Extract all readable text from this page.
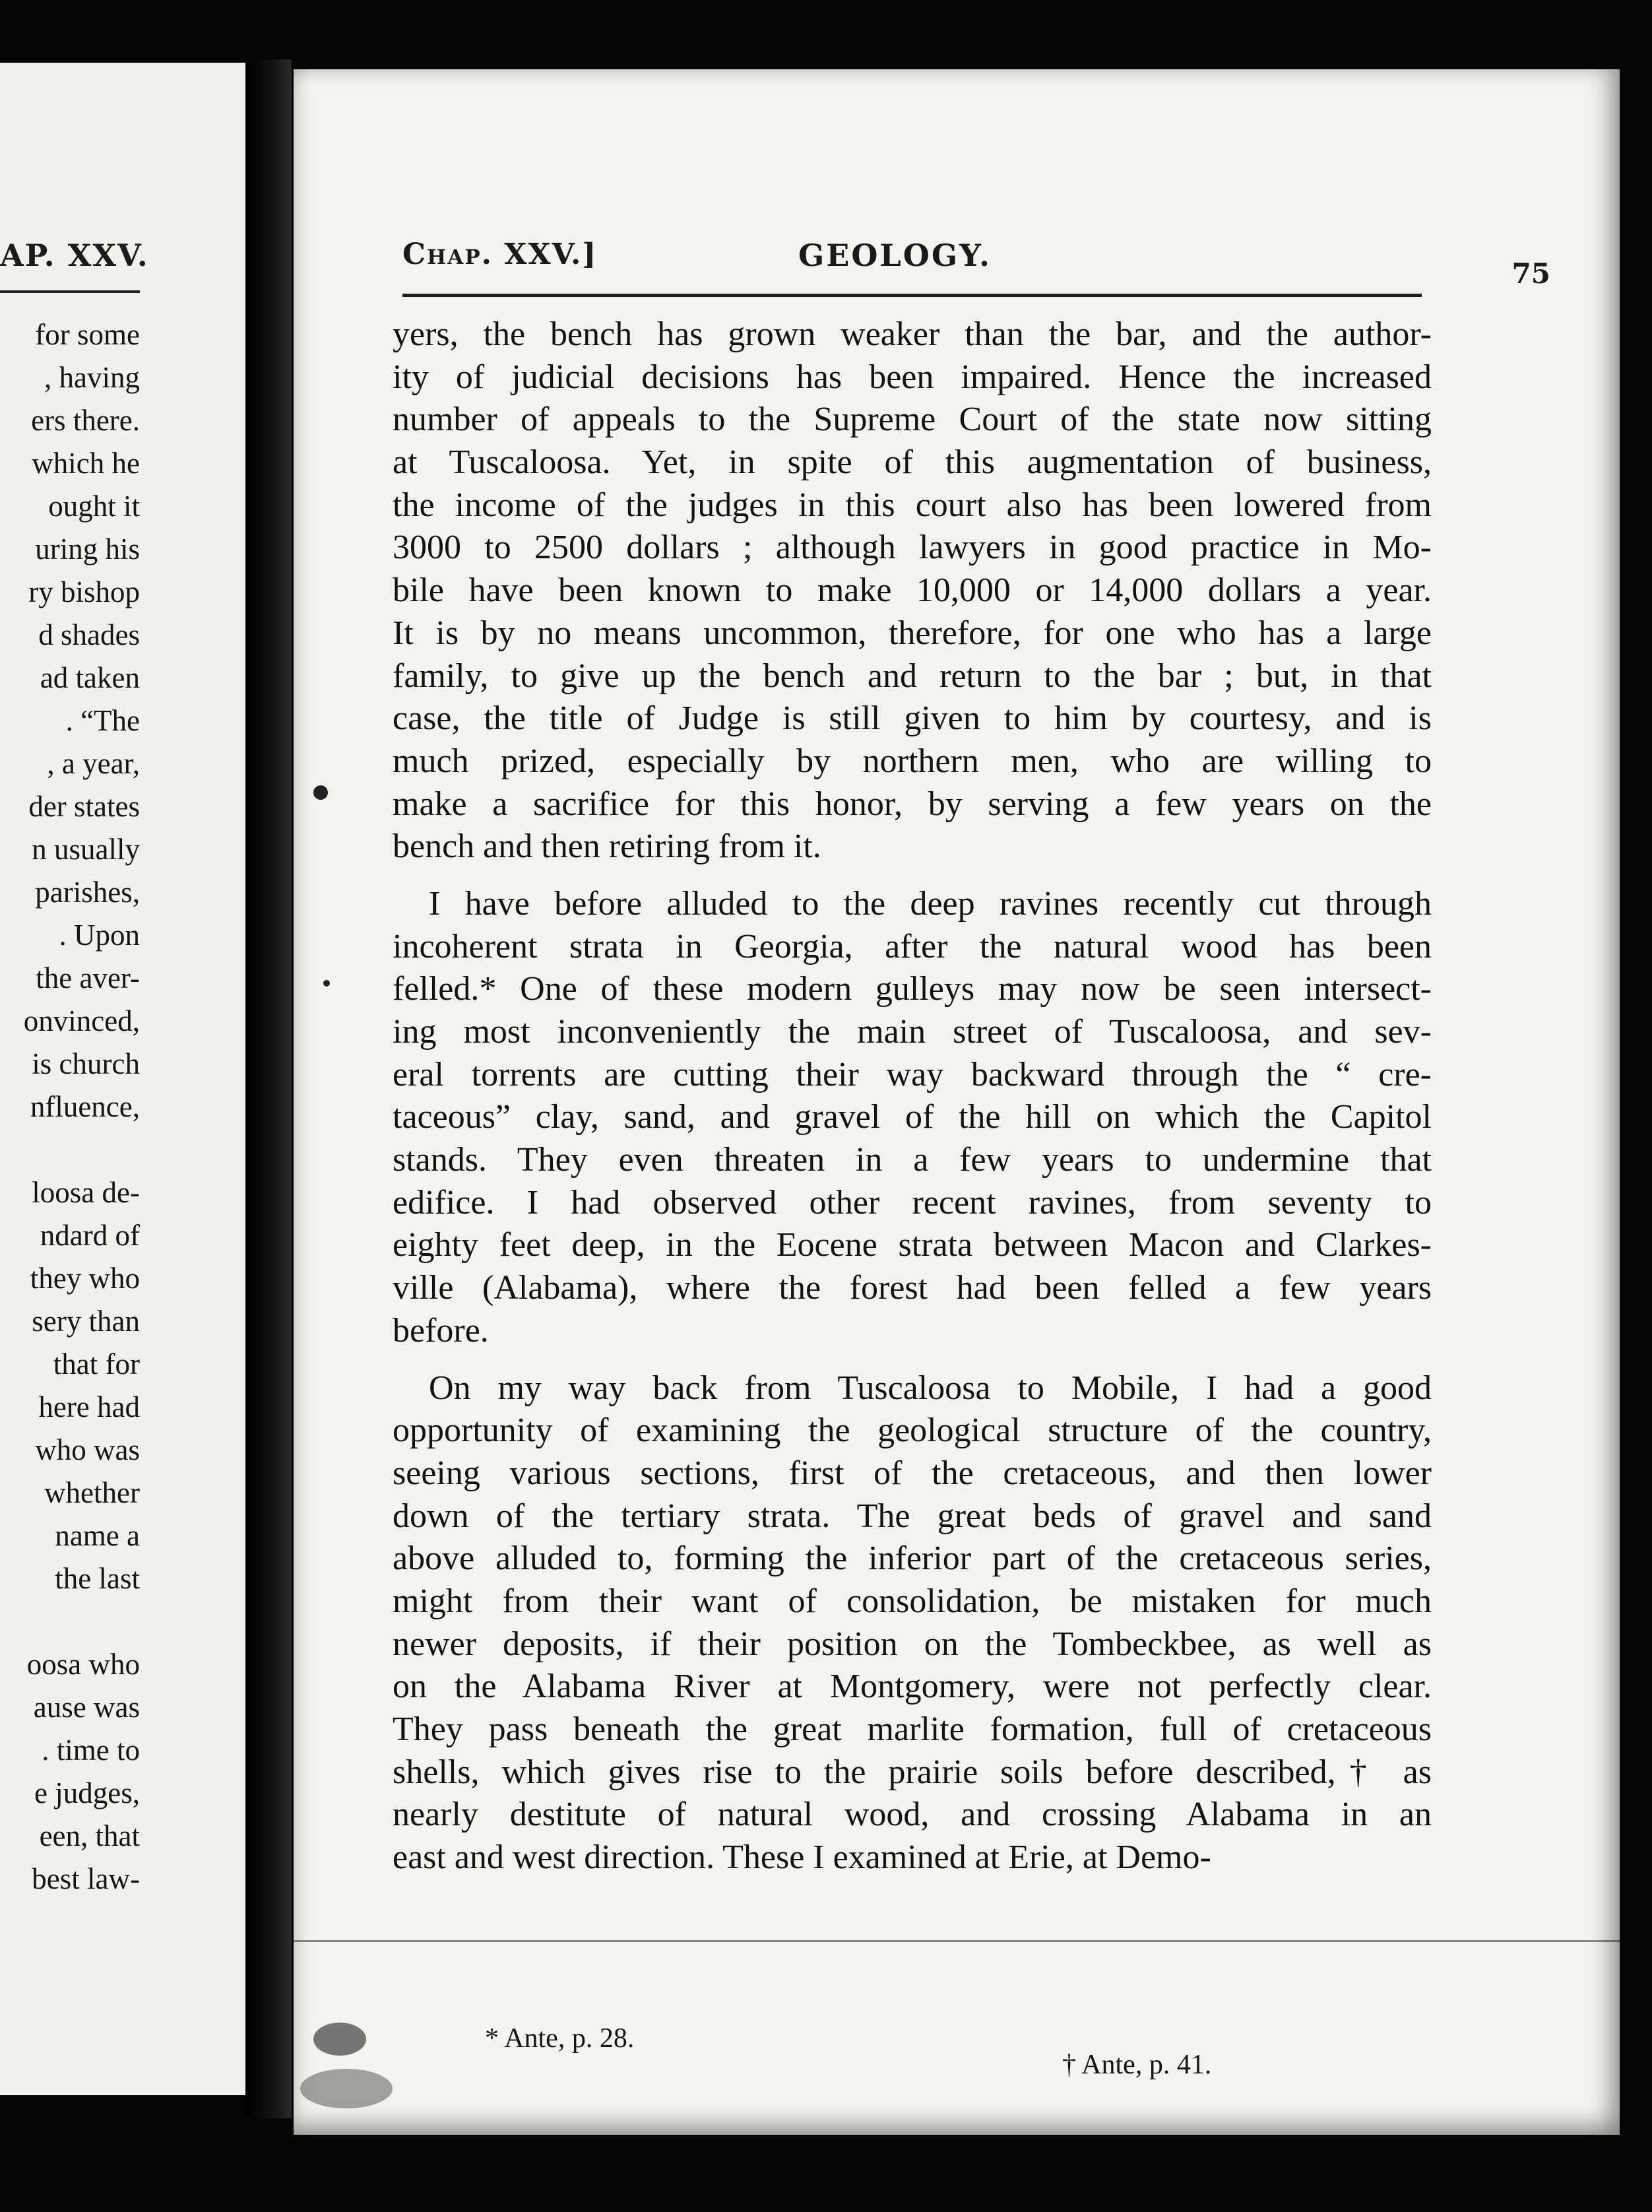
AP. XXV.
for some
, having
ers there.
which he
ought it
uring his
ry bishop
d shades
ad taken
. “The
, a year,
der states
n usually
parishes,
. Upon
the aver-
onvinced,
is church
nfluence,
loosa de-
ndard of
they who
sery than
that for
here had
who was
whether
name a
the last
oosa who
ause was
. time to
e judges,
een, that
best law-
Chap. XXV.]	GEOLOGY.
75
yers, the bench has grown weaker than the bar, and the author-
ity of judicial decisions has been impaired. Hence the increased
number of appeals to the Supreme Court of the state now sitting
at Tuscaloosa. Yet, in spite of this augmentation of business,
the income of the judges in this court also has been lowered from
3000 to 2500 dollars ; although lawyers in good practice in Mo-
bile have been known to make 10,000 or 14,000 dollars a year.
It is by no means uncommon, therefore, for one who has a large
family, to give up the bench and return to the bar ; but, in that
case, the title of Judge is still given to him by courtesy, and is
much prized, especially by northern men, who are willing to
make a sacrifice for this honor, by serving a few years on the
bench and then retiring from it.
I have before alluded to the deep ravines recently cut through
incoherent strata in Georgia, after the natural wood has been
felled.* One of these modern gulleys may now be seen intersect-
ing most inconveniently the main street of Tuscaloosa, and sev-
eral torrents are cutting their way backward through the “ cre-
taceous” clay, sand, and gravel of the hill on which the Capitol
stands. They even threaten in a few years to undermine that
edifice. I had observed other recent ravines, from seventy to
eighty feet deep, in the Eocene strata between Macon and Clarkes-
ville (Alabama), where the forest had been felled a few years
before.
On my way back from Tuscaloosa to Mobile, I had a good
opportunity of examining the geological structure of the country,
seeing various sections, first of the cretaceous, and then lower
down of the tertiary strata. The great beds of gravel and sand
above alluded to, forming the inferior part of the cretaceous series,
might from their want of consolidation, be mistaken for much
newer deposits, if their position on the Tombeckbee, as well as
on the Alabama River at Montgomery, were not perfectly clear.
They pass beneath the great marlite formation, full of cretaceous
shells, which gives rise to the prairie soils before described,† as
nearly destitute of natural wood, and crossing Alabama in an
east and west direction. These I examined at Erie, at Demo-
* Ante, p. 28.
† Ante, p. 41.
